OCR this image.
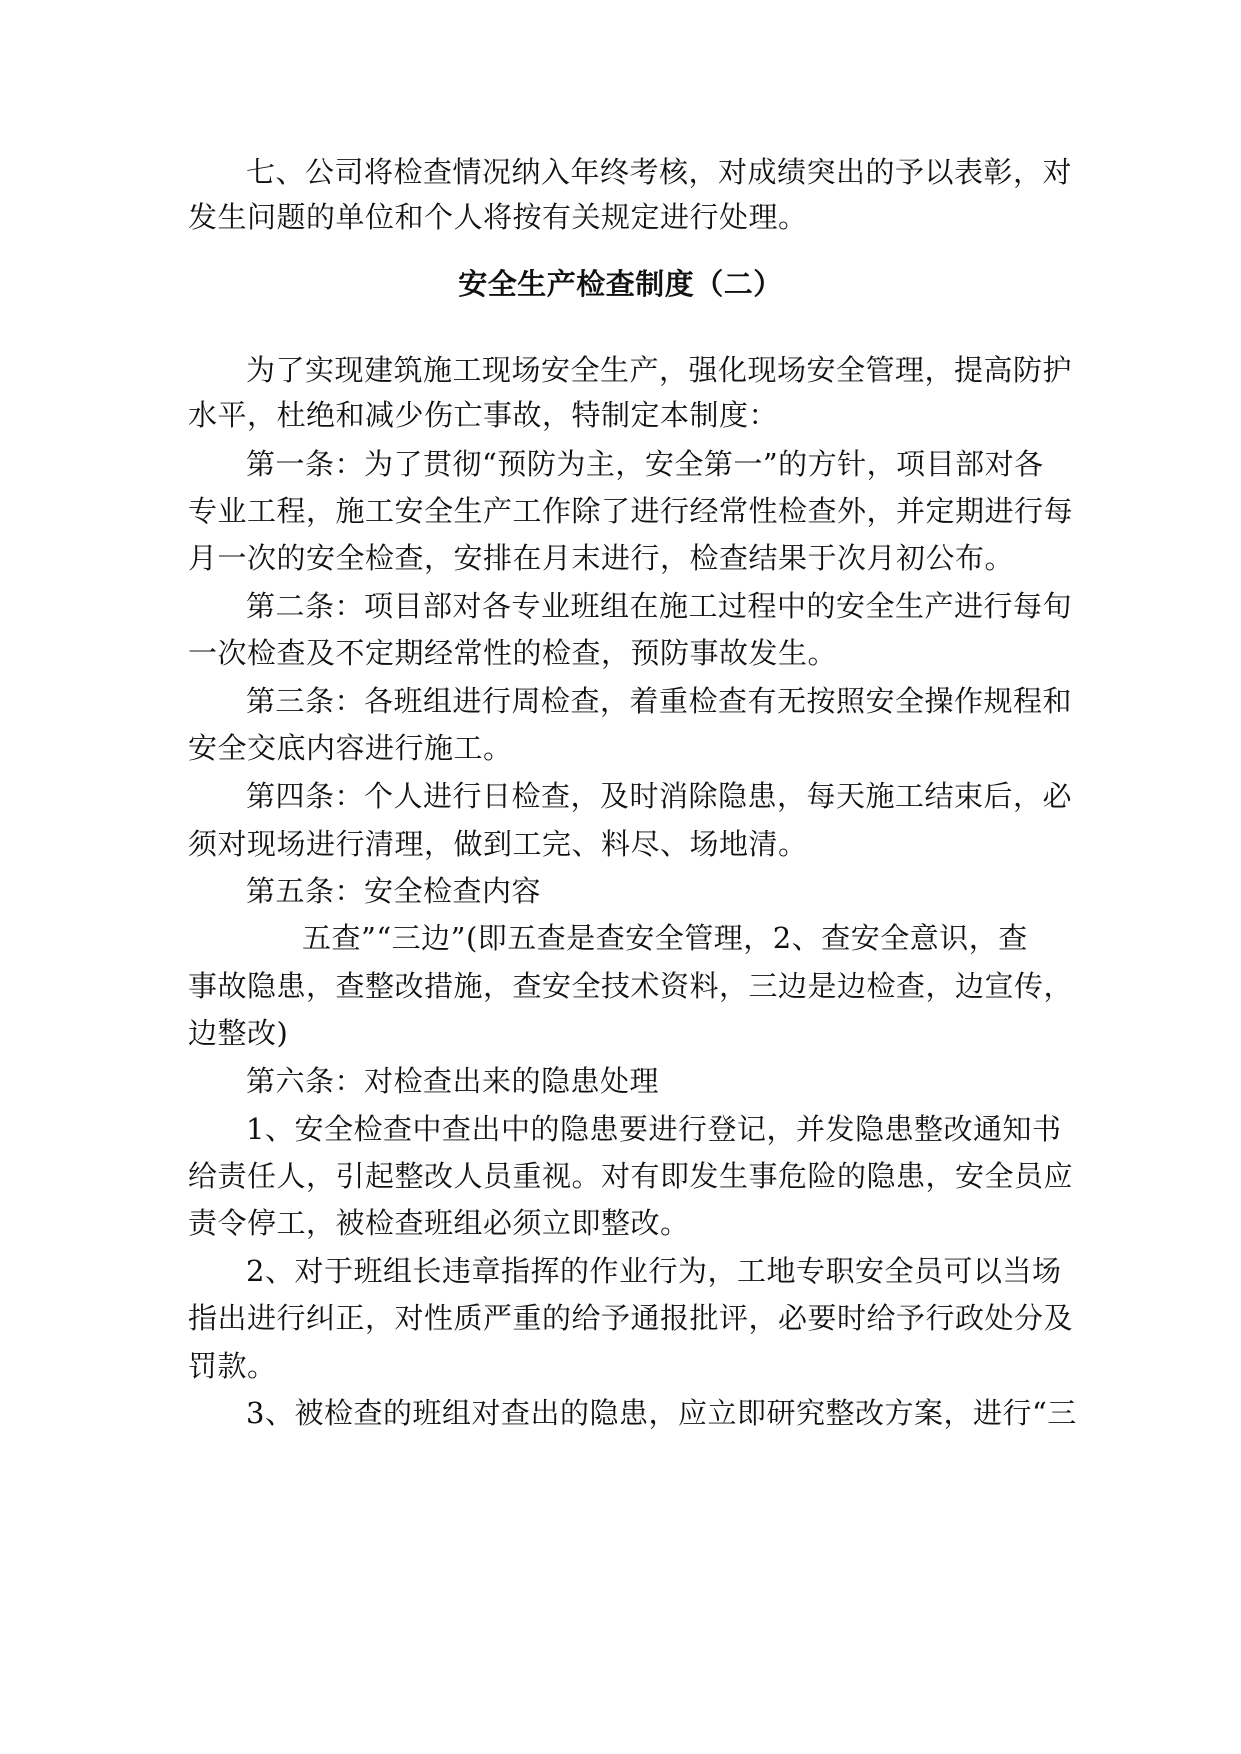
七、公司将检查情况纳入年终考核，对成绩突出的予以表彰，对
发生问题的单位和个人将按有关规定进行处理。
安全生产检查制度（二）
为了实现建筑施工现场安全生产，强化现场安全管理，提高防护
水平，杜绝和减少伤亡事故，特制定本制度：
第一条：为了贯彻“预防为主，安全第一”的方针，项目部对各
专业工程，施工安全生产工作除了进行经常性检查外，并定期进行每
月一次的安全检查，安排在月末进行，检查结果于次月初公布。
第二条：项目部对各专业班组在施工过程中的安全生产进行每旬
一次检查及不定期经常性的检查，预防事故发生。
第三条：各班组进行周检查，着重检查有无按照安全操作规程和
安全交底内容进行施工。
第四条：个人进行日检查，及时消除隐患，每天施工结束后，必
须对现场进行清理，做到工完、料尽、场地清。
第五条：安全检查内容
五查”“三边”(即五查是查安全管理，2、查安全意识，查
事故隐患，查整改措施，查安全技术资料，三边是边检查，边宣传，
边整改)
第六条：对检查出来的隐患处理
1、安全检查中查出中的隐患要进行登记，并发隐患整改通知书
给责任人，引起整改人员重视。对有即发生事危险的隐患，安全员应
责令停工，被检查班组必须立即整改。
2、对于班组长违章指挥的作业行为，工地专职安全员可以当场
指出进行纠正，对性质严重的给予通报批评，必要时给予行政处分及
罚款。
3、被检查的班组对查出的隐患，应立即研究整改方案，进行“三
